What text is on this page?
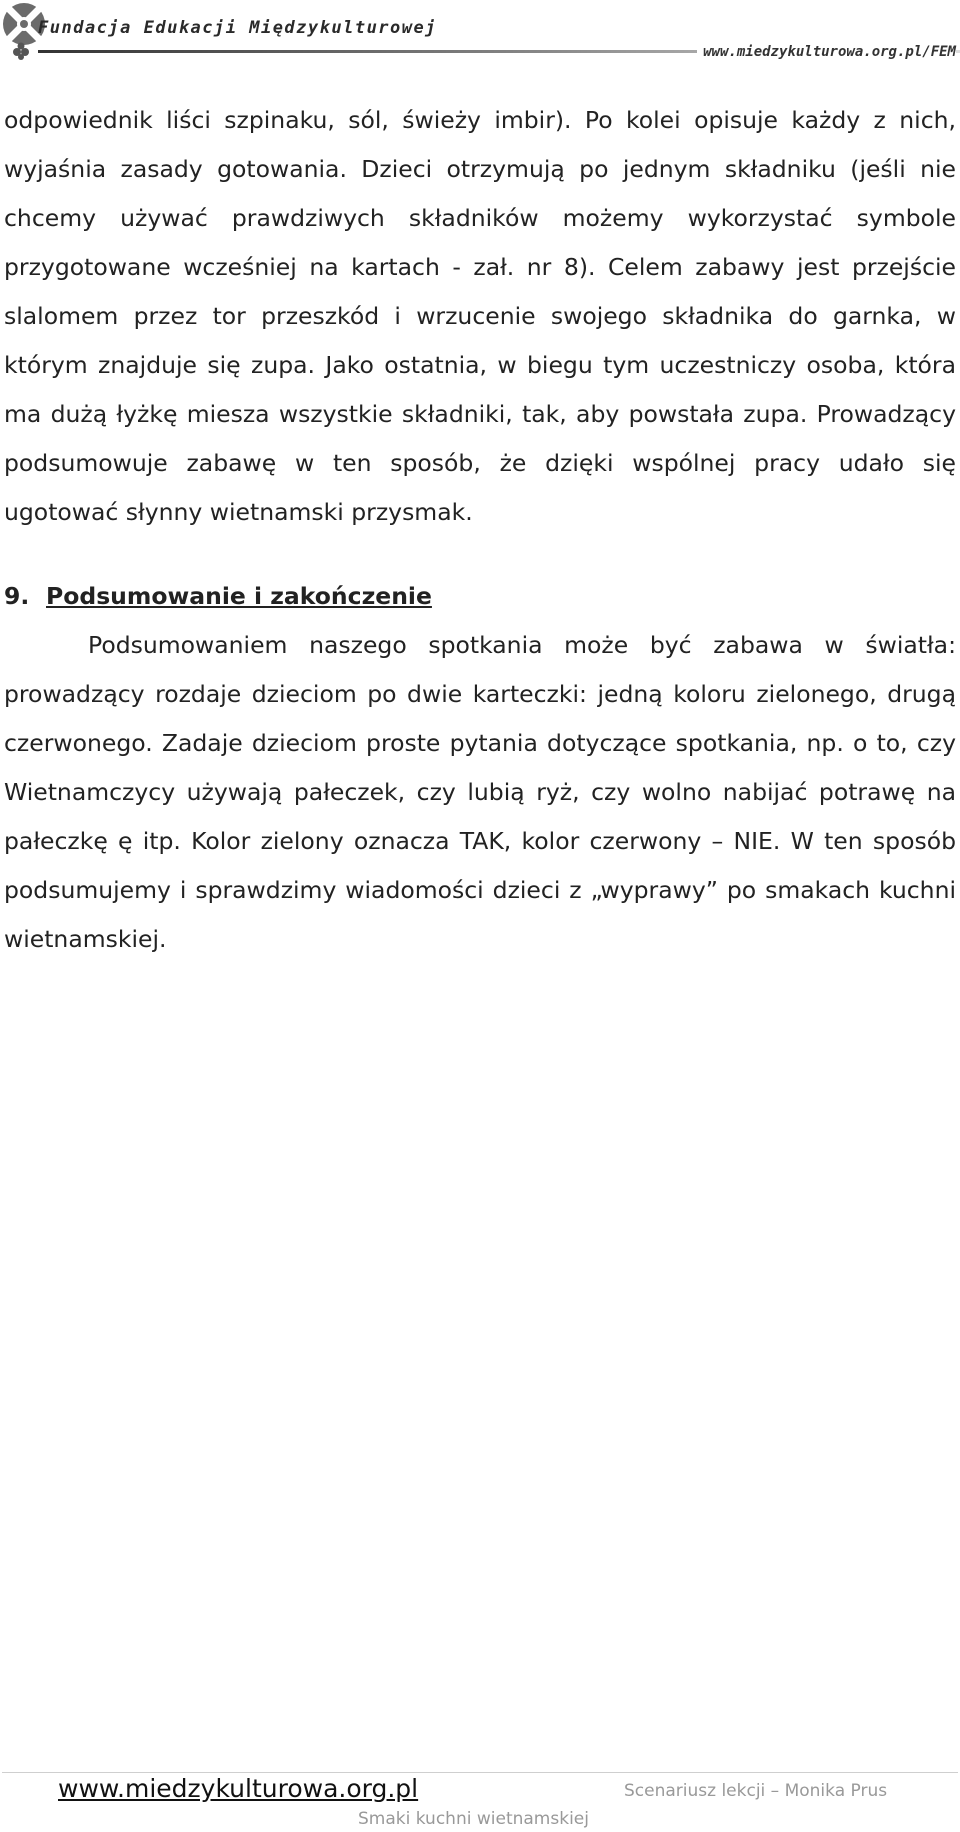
Fundacja Edukacji Międzykulturowej
www.miedzykulturowa.org.pl/FEM

odpowiednik liści szpinaku, sól, świeży imbir). Po kolei opisuje każdy z nich, wyjaśnia zasady gotowania. Dzieci otrzymują po jednym składniku (jeśli nie chcemy używać prawdziwych składników możemy wykorzystać symbole przygotowane wcześniej na kartach - zał. nr 8). Celem zabawy jest przejście slalomem przez tor przeszkód i wrzucenie swojego składnika do garnka, w którym znajduje się zupa. Jako ostatnia, w biegu tym uczestniczy osoba, która ma dużą łyżkę miesza wszystkie składniki, tak, aby powstała zupa. Prowadzący podsumowuje zabawę w ten sposób, że dzięki wspólnej pracy udało się ugotować słynny wietnamski przysmak.

9. Podsumowanie i zakończenie

Podsumowaniem naszego spotkania może być zabawa w światła: prowadzący rozdaje dzieciom po dwie karteczki: jedną koloru zielonego, drugą czerwonego. Zadaje dzieciom proste pytania dotyczące spotkania, np. o to, czy Wietnamczycy używają pałeczek, czy lubią ryż, czy wolno nabijać potrawę na pałeczkę ę itp. Kolor zielony oznacza TAK, kolor czerwony – NIE. W ten sposób podsumujemy i sprawdzimy wiadomości dzieci z „wyprawy” po smakach kuchni wietnamskiej.

www.miedzykulturowa.org.pl	Scenariusz lekcji – Monika Prus
Smaki kuchni wietnamskiej
